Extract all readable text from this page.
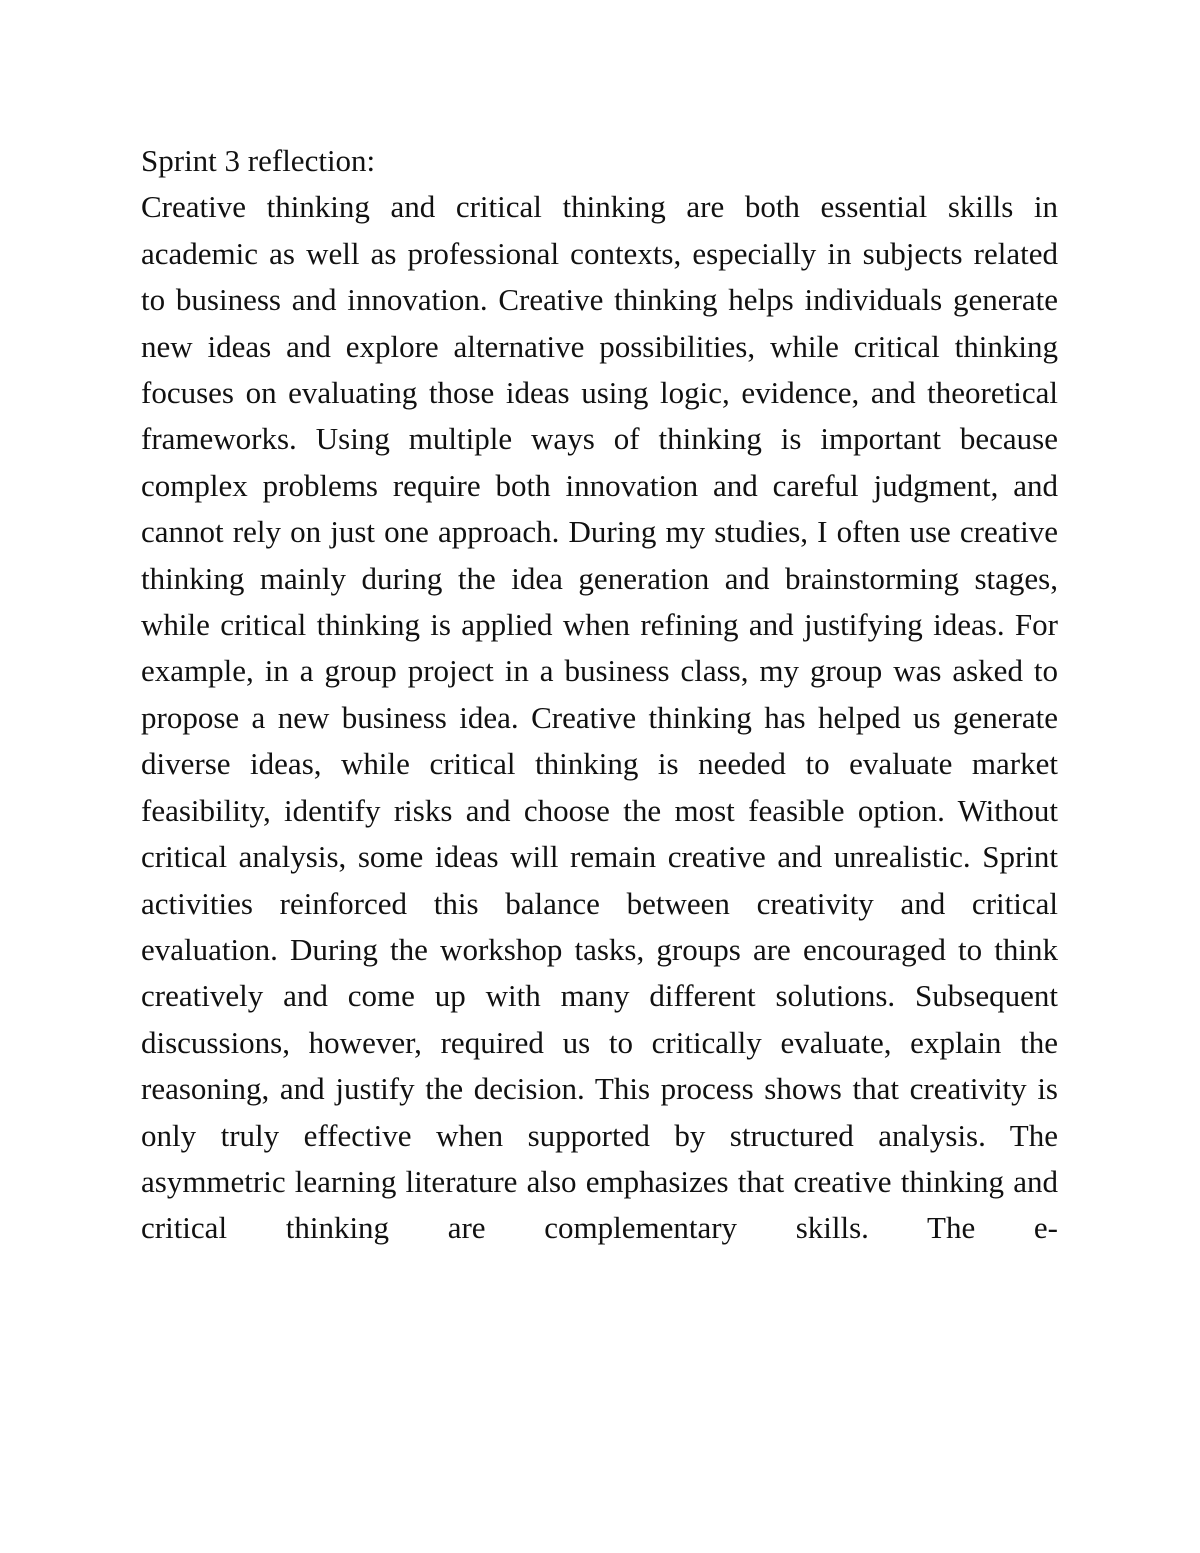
Sprint 3 reflection:

Creative thinking and critical thinking are both essential skills in academic as well as professional contexts, especially in subjects related to business and innovation. Creative thinking helps individuals generate new ideas and explore alternative possibilities, while critical thinking focuses on evaluating those ideas using logic, evidence, and theoretical frameworks. Using multiple ways of thinking is important because complex problems require both innovation and careful judgment, and cannot rely on just one approach. During my studies, I often use creative thinking mainly during the idea generation and brainstorming stages, while critical thinking is applied when refining and justifying ideas. For example, in a group project in a business class, my group was asked to propose a new business idea. Creative thinking has helped us generate diverse ideas, while critical thinking is needed to evaluate market feasibility, identify risks and choose the most feasible option. Without critical analysis, some ideas will remain creative and unrealistic. Sprint activities reinforced this balance between creativity and critical evaluation. During the workshop tasks, groups are encouraged to think creatively and come up with many different solutions. Subsequent discussions, however, required us to critically evaluate, explain the reasoning, and justify the decision. This process shows that creativity is only truly effective when supported by structured analysis. The asymmetric learning literature also emphasizes that creative thinking and critical thinking are complementary skills. The e-
